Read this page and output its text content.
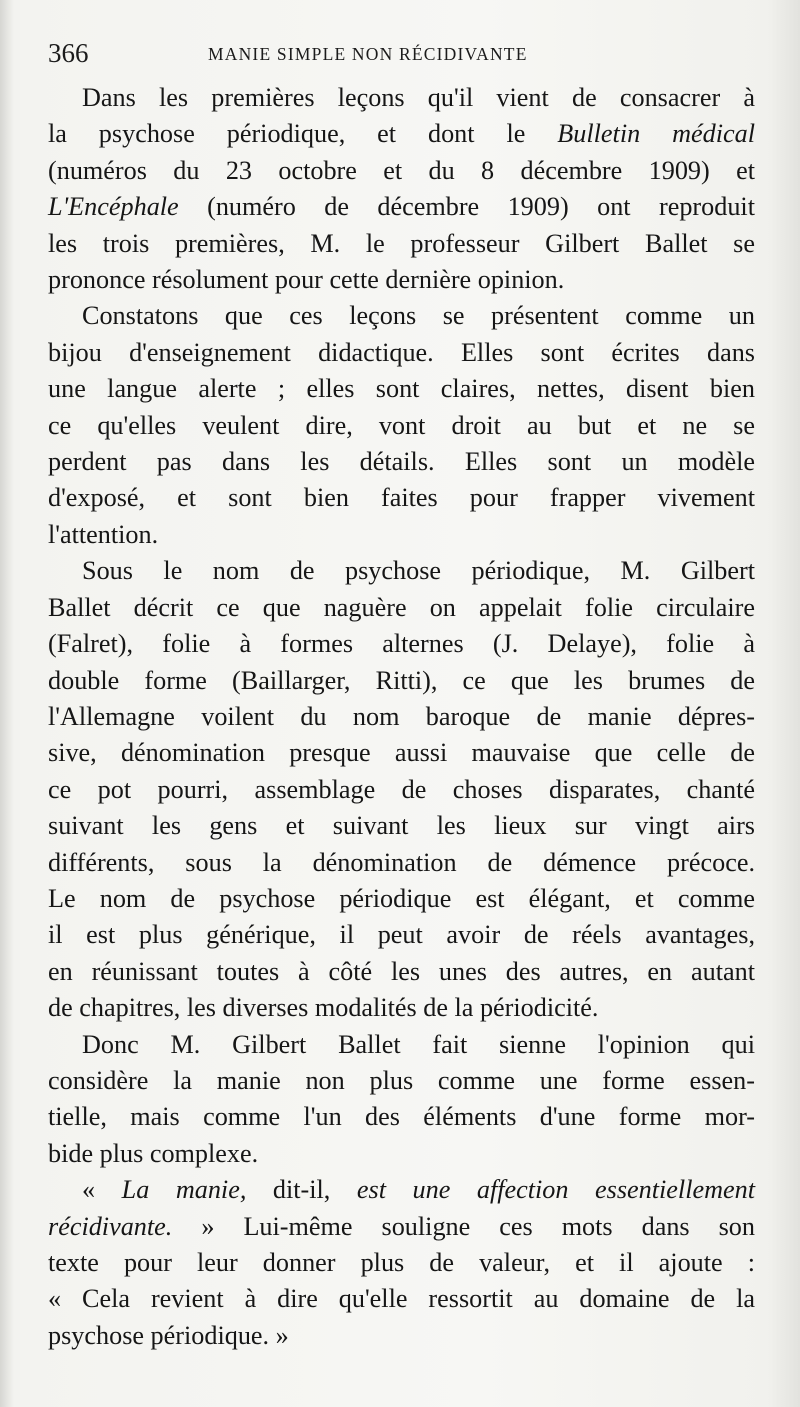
366	MANIE SIMPLE NON RÉCIDIVANTE

Dans les premières leçons qu'il vient de consacrer à
la psychose périodique, et dont le Bulletin médical
(numéros du 23 octobre et du 8 décembre 1909) et
L'Encéphale (numéro de décembre 1909) ont reproduit
les trois premières, M. le professeur Gilbert Ballet se
prononce résolument pour cette dernière opinion.

Constatons que ces leçons se présentent comme un
bijou d'enseignement didactique. Elles sont écrites dans
une langue alerte ; elles sont claires, nettes, disent bien
ce qu'elles veulent dire, vont droit au but et ne se
perdent pas dans les détails. Elles sont un modèle
d'exposé, et sont bien faites pour frapper vivement
l'attention.

Sous le nom de psychose périodique, M. Gilbert
Ballet décrit ce que naguère on appelait folie circulaire
(Falret), folie à formes alternes (J. Delaye), folie à
double forme (Baillarger, Ritti), ce que les brumes de
l'Allemagne voilent du nom baroque de manie dépres-
sive, dénomination presque aussi mauvaise que celle de
ce pot pourri, assemblage de choses disparates, chanté
suivant les gens et suivant les lieux sur vingt airs
différents, sous la dénomination de démence précoce.
Le nom de psychose périodique est élégant, et comme
il est plus générique, il peut avoir de réels avantages,
en réunissant toutes à côté les unes des autres, en autant
de chapitres, les diverses modalités de la périodicité.

Donc M. Gilbert Ballet fait sienne l'opinion qui
considère la manie non plus comme une forme essen-
tielle, mais comme l'un des éléments d'une forme mor-
bide plus complexe.

« La manie, dit-il, est une affection essentiellement
récidivante. » Lui-même souligne ces mots dans son
texte pour leur donner plus de valeur, et il ajoute :
« Cela revient à dire qu'elle ressortit au domaine de la
psychose périodique. »
